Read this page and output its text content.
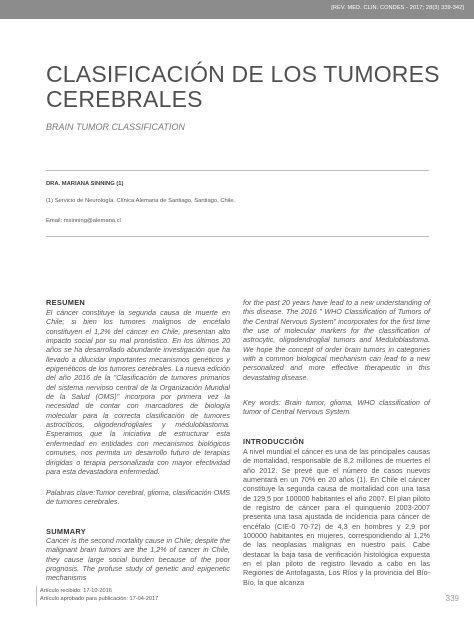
[REV. MED. CLIN. CONDES - 2017; 28(3) 339-342]
CLASIFICACIÓN DE LOS TUMORES
CEREBRALES
BRAIN TUMOR CLASSIFICATION
DRA. MARIANA SINNING (1)
(1) Servicio de Neurología. Clínica Alemana de Santiago. Santiago, Chile.
Email: msinning@alemana.cl
RESUMEN

El cáncer constituye la segunda causa de muerte en Chile; si bien los tumores malignos de encéfalo constituyen el 1,2% del cáncer en Chile, presentan alto impacto social por su mal pronóstico. En los últimos 20 años se ha desarrollado abundante investigación que ha llevado a dilucidar importantes mecanismos genéticos y epigenéticos de los tumores cerebrales. La nueva edición del año 2016 de la "Clasificación de tumores primarios del sistema nervioso central de la Organización Mundial de la Salud (OMS)" incorpora por primera vez la necesidad de contar con marcadores de biología molecular para la correcta clasificación de tumores astrocíticos, oligodendrogliales y méduloblastoma. Esperamos que la iniciativa de estructurar esta enfermedad en entidades con mecanismos biológicos comunes, nos permita un desarrollo futuro de terapias dirigidas o terapia personalizada con mayor efectividad para esta devastadora enfermedad.

Palabras clave:Tumor cerebral, glioma, clasificación OMS de tumores cerebrales.

SUMMARY

Cancer is the second mortality cause in Chile; despite the malignant brain tumors are the 1,2% of cancer in Chile, they cause large social burden because of the poor prognosis. The profuse study of genetic and epigenetic mechanisms

for the past 20 years have lead to a new understanding of this disease. The 2016 " WHO Classification of Tumors of the Central Nervous System" incorporates for the first time the use of molecular markers for the classification of astrocytic, oligodendroglial tumors and Meduloblastoma. We hope the concept of order brain tumors in categories with a common biological mechanism can lead to a new personalized and more effective therapeutic in this devastating disease.

Key words: Brain tumor, glioma, WHO classification of tumor of Central Nervous System.

INTRODUCCIÓN

A nivel mundial el cáncer es una de las principales causas de mortalidad, responsable de 8,2 millones de muertes el año 2012. Se prevé que el número de casos nuevos aumentará en un 70% en 20 años (1). En Chile el cáncer constituye la segunda causa de mortalidad con una tasa de 129,5 por 100000 habitantes el año 2007. El plan piloto de registro de cáncer para el quinquenio 2003-2007 presenta una tasa ajustada de incidencia para cáncer de encéfalo (CIE-0 70-72) de 4,3 en hombres y 2,9 por 100000 habitantes en mujeres, correspondiendo al 1,2% de las neoplasias malignas en nuestro país. Cabe destacar la baja tasa de verificación histológica expuesta en el plan piloto de registro llevado a cabo en las Regiones de Antofagasta, Los Ríos y la provincia del Bío-Bío, la que alcanza

Artículo recibido: 17-10-2016
Artículo aprobado para publicación: 17-04-2017	339
